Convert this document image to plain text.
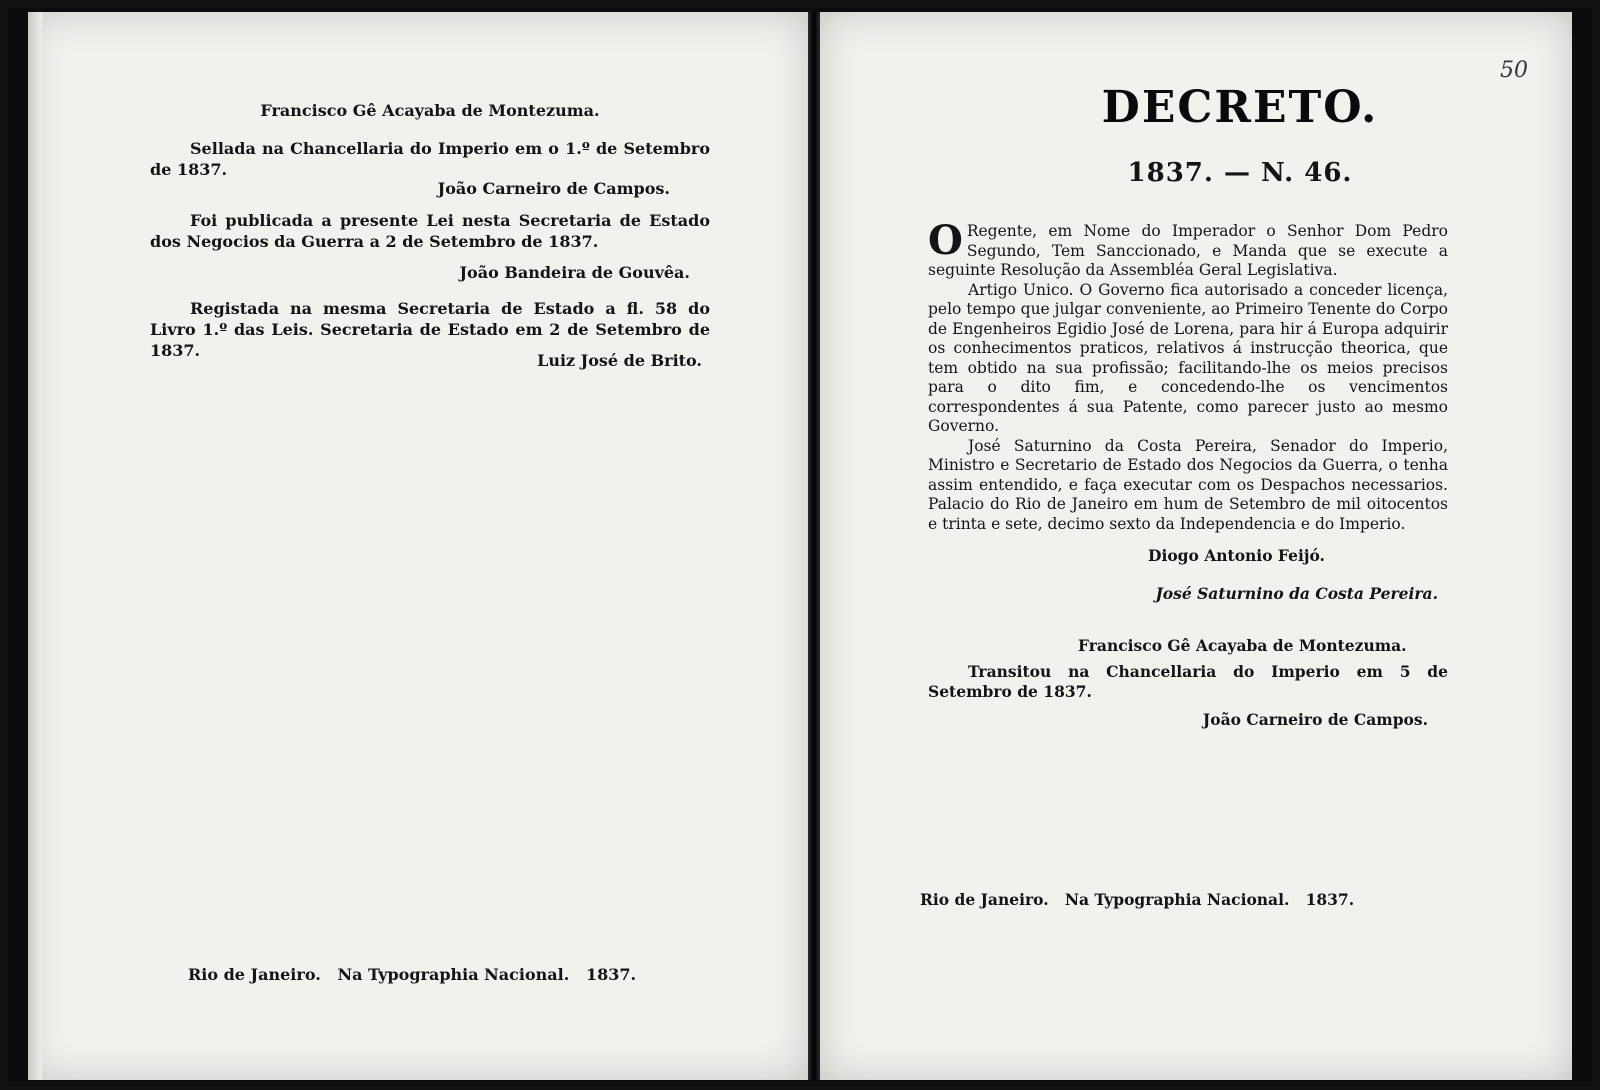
Francisco Gê Acayaba de Montezuma.

Sellada na Chancellaria do Imperio em o 1.º de Setembro de 1837.

João Carneiro de Campos.

Foi publicada a presente Lei nesta Secretaria de Estado dos Negocios da Guerra a 2 de Setembro de 1837.

João Bandeira de Gouvêa.

Registada na mesma Secretaria de Estado a fl. 58 do Livro 1.º das Leis. Secretaria de Estado em 2 de Setembro de 1837.

Luiz José de Brito.

Rio de Janeiro.   Na Typographia Nacional.   1837.

50
DECRETO.
1837. — N. 46.

O Regente, em Nome do Imperador o Senhor Dom Pedro Segundo, Tem Sanccionado, e Manda que se execute a seguinte Resolução da Assembléa Geral Legislativa.

Artigo Unico. O Governo fica autorisado a conceder licença, pelo tempo que julgar conveniente, ao Primeiro Tenente do Corpo de Engenheiros Egidio José de Lorena, para hir á Europa adquirir os conhecimentos praticos, relativos á instrucção theorica, que tem obtido na sua profissão; facilitando-lhe os meios precisos para o dito fim, e concedendo-lhe os vencimentos correspondentes á sua Patente, como parecer justo ao mesmo Governo.

José Saturnino da Costa Pereira, Senador do Imperio, Ministro e Secretario de Estado dos Negocios da Guerra, o tenha assim entendido, e faça executar com os Despachos necessarios. Palacio do Rio de Janeiro em hum de Setembro de mil oitocentos e trinta e sete, decimo sexto da Independencia e do Imperio.

Diogo Antonio Feijó.

José Saturnino da Costa Pereira.

Francisco Gê Acayaba de Montezuma.

Transitou na Chancellaria do Imperio em 5 de Setembro de 1837.

João Carneiro de Campos.

Rio de Janeiro.   Na Typographia Nacional.   1837.
